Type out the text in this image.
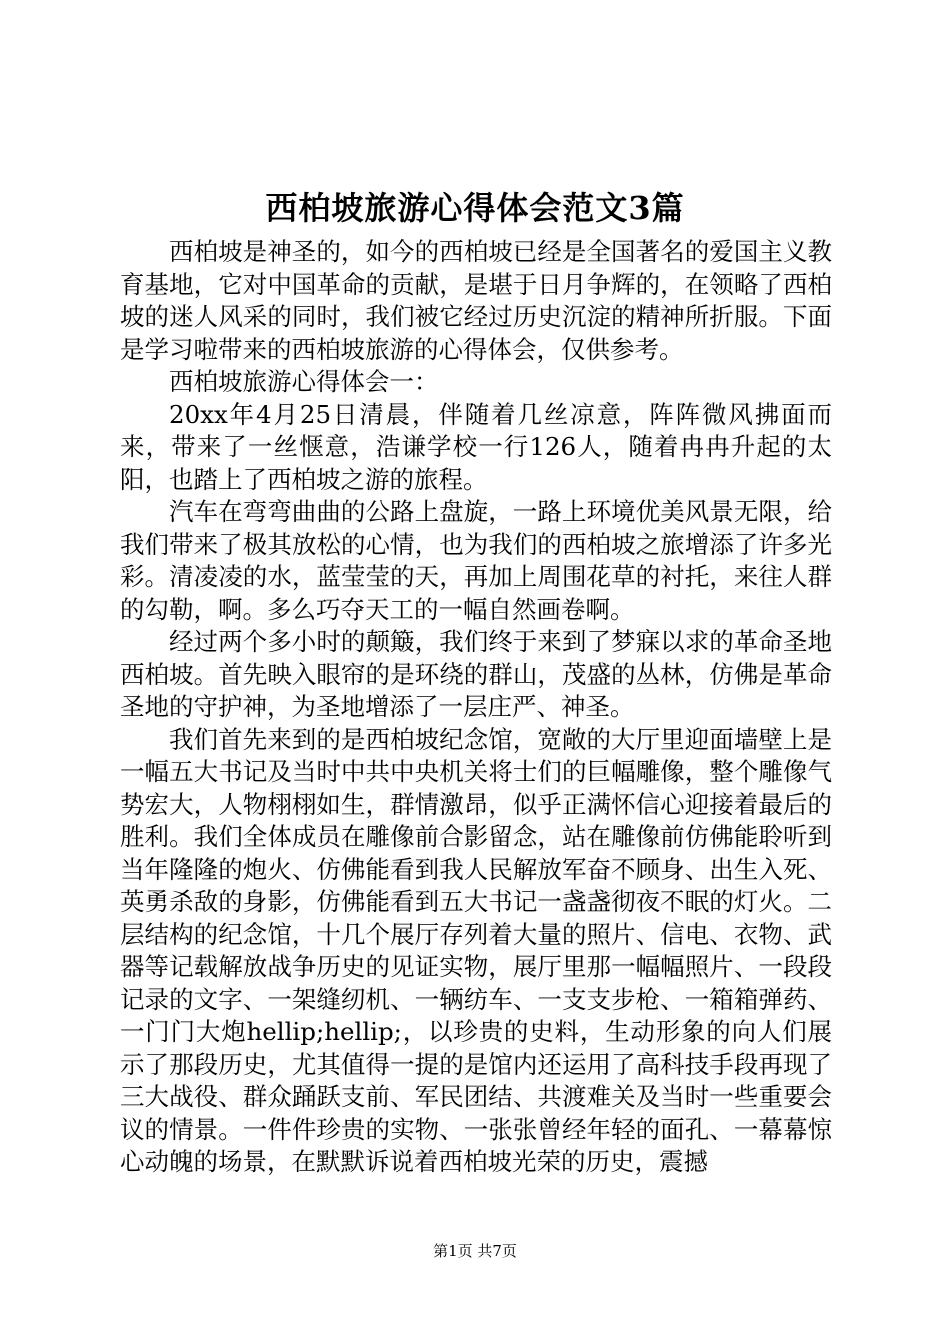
西柏坡旅游心得体会范文3篇

西柏坡是神圣的，如今的西柏坡已经是全国著名的爱国主义教育基地，它对中国革命的贡献，是堪于日月争辉的，在领略了西柏坡的迷人风采的同时，我们被它经过历史沉淀的精神所折服。下面是学习啦带来的西柏坡旅游的心得体会，仅供参考。

西柏坡旅游心得体会一：

20xx年4月25日清晨，伴随着几丝凉意，阵阵微风拂面而来，带来了一丝惬意，浩谦学校一行126人，随着冉冉升起的太阳，也踏上了西柏坡之游的旅程。

汽车在弯弯曲曲的公路上盘旋，一路上环境优美风景无限，给我们带来了极其放松的心情，也为我们的西柏坡之旅增添了许多光彩。清凌凌的水，蓝莹莹的天，再加上周围花草的衬托，来往人群的勾勒，啊。多么巧夺天工的一幅自然画卷啊。

经过两个多小时的颠簸，我们终于来到了梦寐以求的革命圣地西柏坡。首先映入眼帘的是环绕的群山，茂盛的丛林，仿佛是革命圣地的守护神，为圣地增添了一层庄严、神圣。

我们首先来到的是西柏坡纪念馆，宽敞的大厅里迎面墙壁上是一幅五大书记及当时中共中央机关将士们的巨幅雕像，整个雕像气势宏大，人物栩栩如生，群情激昂，似乎正满怀信心迎接着最后的胜利。我们全体成员在雕像前合影留念，站在雕像前仿佛能聆听到当年隆隆的炮火、仿佛能看到我人民解放军奋不顾身、出生入死、英勇杀敌的身影，仿佛能看到五大书记一盏盏彻夜不眠的灯火。二层结构的纪念馆，十几个展厅存列着大量的照片、信电、衣物、武器等记载解放战争历史的见证实物，展厅里那一幅幅照片、一段段记录的文字、一架缝纫机、一辆纺车、一支支步枪、一箱箱弹药、一门门大炮hellip;hellip;，以珍贵的史料，生动形象的向人们展示了那段历史，尤其值得一提的是馆内还运用了高科技手段再现了三大战役、群众踊跃支前、军民团结、共渡难关及当时一些重要会议的情景。一件件珍贵的实物、一张张曾经年轻的面孔、一幕幕惊心动魄的场景，在默默诉说着西柏坡光荣的历史，震撼

第1页 共7页
